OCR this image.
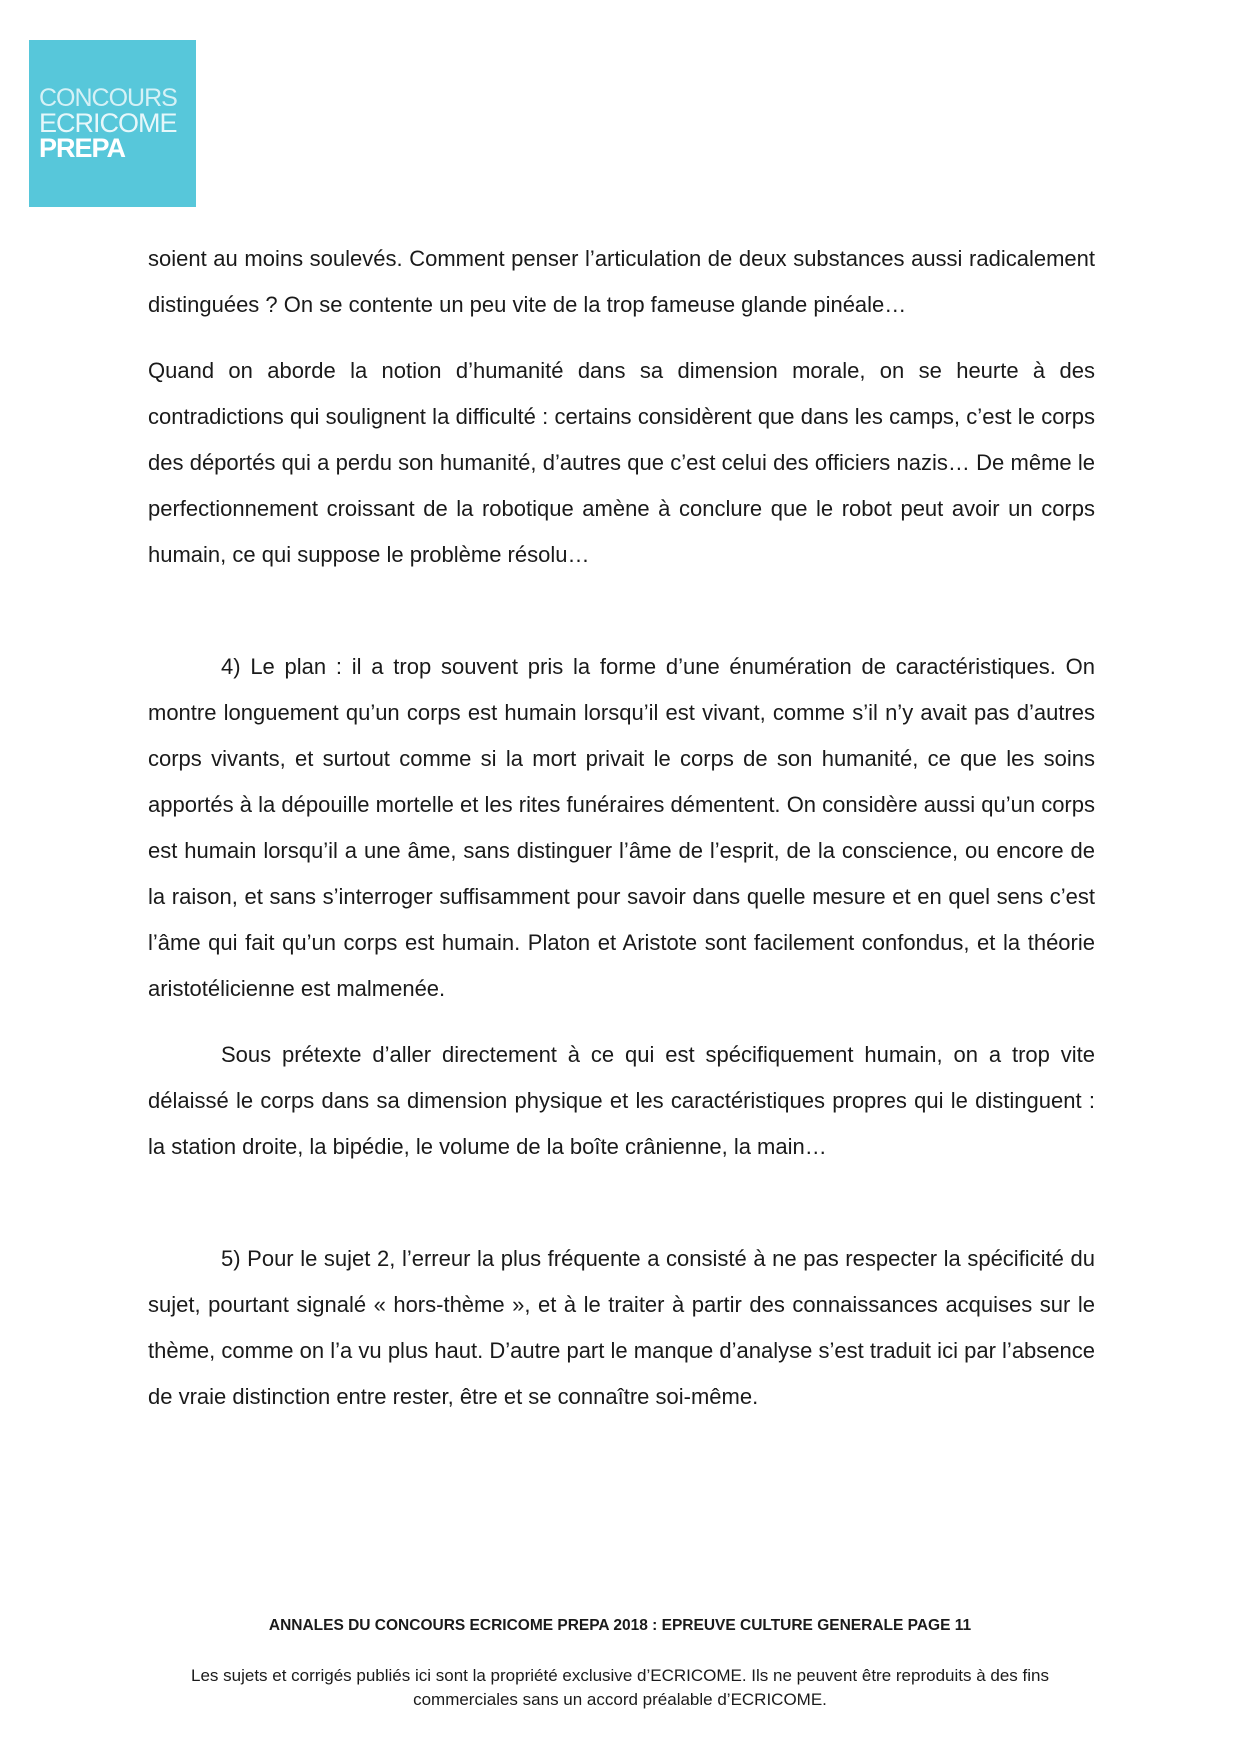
CONCOURS
ECRICOME
PREPA

soient au moins soulevés. Comment penser l’articulation de deux substances aussi radicalement distinguées ? On se contente un peu vite de la trop fameuse glande pinéale…

Quand on aborde la notion d’humanité dans sa dimension morale, on se heurte à des contradictions qui soulignent la difficulté : certains considèrent que dans les camps, c’est le corps des déportés qui a perdu son humanité, d’autres que c’est celui des officiers nazis… De même le perfectionnement croissant de la robotique amène à conclure que le robot peut avoir un corps humain, ce qui suppose le problème résolu…

4) Le plan : il a trop souvent pris la forme d’une énumération de caractéristiques. On montre longuement qu’un corps est humain lorsqu’il est vivant, comme s’il n’y avait pas d’autres corps vivants, et surtout comme si la mort privait le corps de son humanité, ce que les soins apportés à la dépouille mortelle et les rites funéraires démentent. On considère aussi qu’un corps est humain lorsqu’il a une âme, sans distinguer l’âme de l’esprit, de la conscience, ou encore de la raison, et sans s’interroger suffisamment pour savoir dans quelle mesure et en quel sens c’est l’âme qui fait qu’un corps est humain. Platon et Aristote sont facilement confondus, et la théorie aristotélicienne est malmenée.

Sous prétexte d’aller directement à ce qui est spécifiquement humain, on a trop vite délaissé le corps dans sa dimension physique et les caractéristiques propres qui le distinguent : la station droite, la bipédie, le volume de la boîte crânienne, la main…

5) Pour le sujet 2, l’erreur la plus fréquente a consisté à ne pas respecter la spécificité du sujet, pourtant signalé « hors-thème », et à le traiter à partir des connaissances acquises sur le thème, comme on l’a vu plus haut. D’autre part le manque d’analyse s’est traduit ici par l’absence de vraie distinction entre rester, être et se connaître soi-même.

ANNALES DU CONCOURS ECRICOME PREPA 2018 : EPREUVE CULTURE GENERALE PAGE 11
Les sujets et corrigés publiés ici sont la propriété exclusive d’ECRICOME. Ils ne peuvent être reproduits à des fins commerciales sans un accord préalable d’ECRICOME.
